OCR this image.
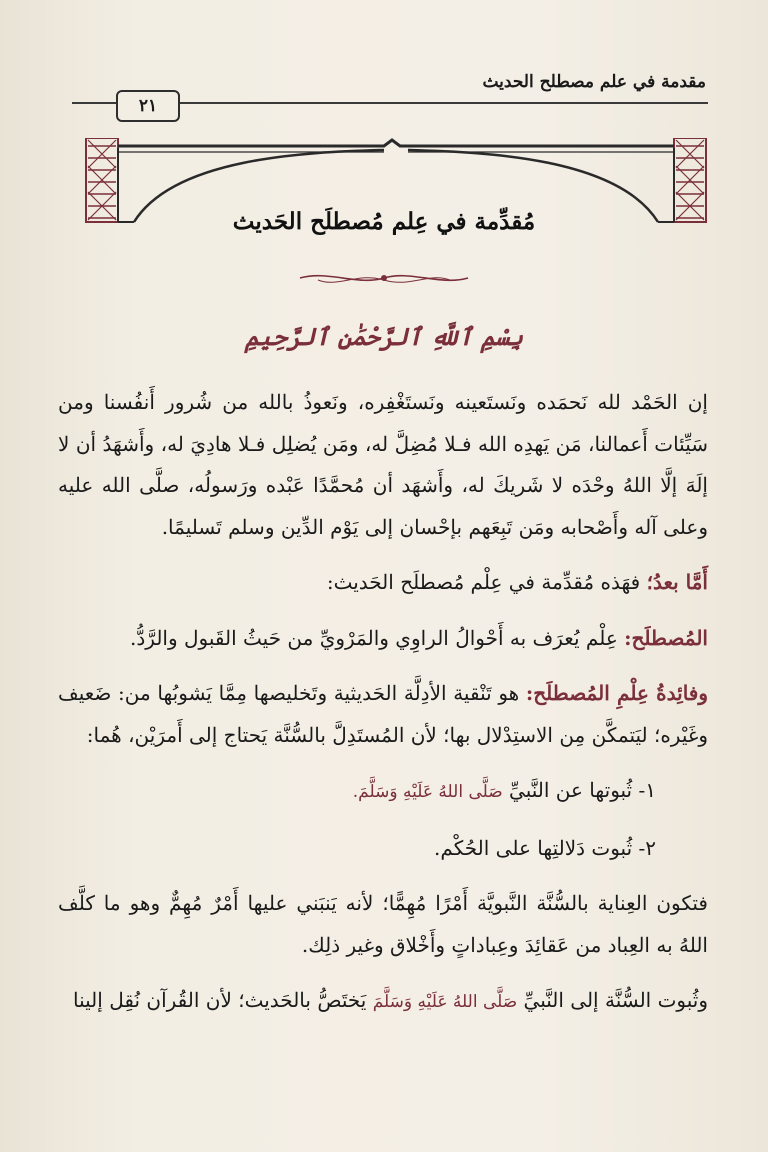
مقدمة في علم مصطلح الحديث
٢١
مُقدِّمة في عِلم مُصطلَح الحَديث
بِسْمِ ٱللَّهِ ٱلرَّحْمَٰنِ ٱلرَّحِيمِ

إن الحَمْد لله نَحمَده ونَستَعينه ونَستَغْفِره، ونَعوذُ بالله من شُرور أَنفُسنا ومن سَيِّئات أَعمالنا، مَن يَهدِه الله فـلا مُضِلَّ له، ومَن يُضلِل فـلا هادِيَ له، وأَشهَدُ أن لا إلَهَ إلَّا اللهُ وحْدَه لا شَريكَ له، وأَشهَد أن مُحمَّدًا عَبْده ورَسولُه، صلَّى الله عليه وعلى آله وأَصْحابه ومَن تَبِعَهم بإحْسان إلى يَوْم الدِّين وسلم تَسليمًا.

أَمَّا بعدُ؛ فهَذه مُقدِّمة في عِلْم مُصطلَح الحَديث:

المُصطلَح: عِلْم يُعرَف به أَحْوالُ الراوِي والمَرْويِّ من حَيثُ القَبول والرَّدُّ.

وفائِدةُ عِلْمِ المُصطلَح: هو تَنْقية الأدِلَّة الحَديثية وتَخليصها مِمَّا يَشوبُها من: ضَعيف وغَيْره؛ ليَتمكَّن مِن الاستِدْلال بها؛ لأن المُستَدِلَّ بالسُّنَّة يَحتاج إلى أَمرَيْن، هُما:

١- ثُبوتها عن النَّبيِّ صَلَّى اللهُ عَلَيْهِ وَسَلَّمَ.

٢- ثُبوت دَلالتِها على الحُكْم.

فتكون العِناية بالسُّنَّة النَّبويَّة أَمْرًا مُهِمًّا؛ لأنه يَنبَني عليها أَمْرٌ مُهِمٌّ وهو ما كلَّف اللهُ به العِباد من عَقائِدَ وعِباداتٍ وأَخْلاق وغير ذلِك.

وثُبوت السُّنَّة إلى النَّبيِّ صَلَّى اللهُ عَلَيْهِ وَسَلَّمَ يَختَصُّ بالحَديث؛ لأن القُرآن نُقِل إلينا
